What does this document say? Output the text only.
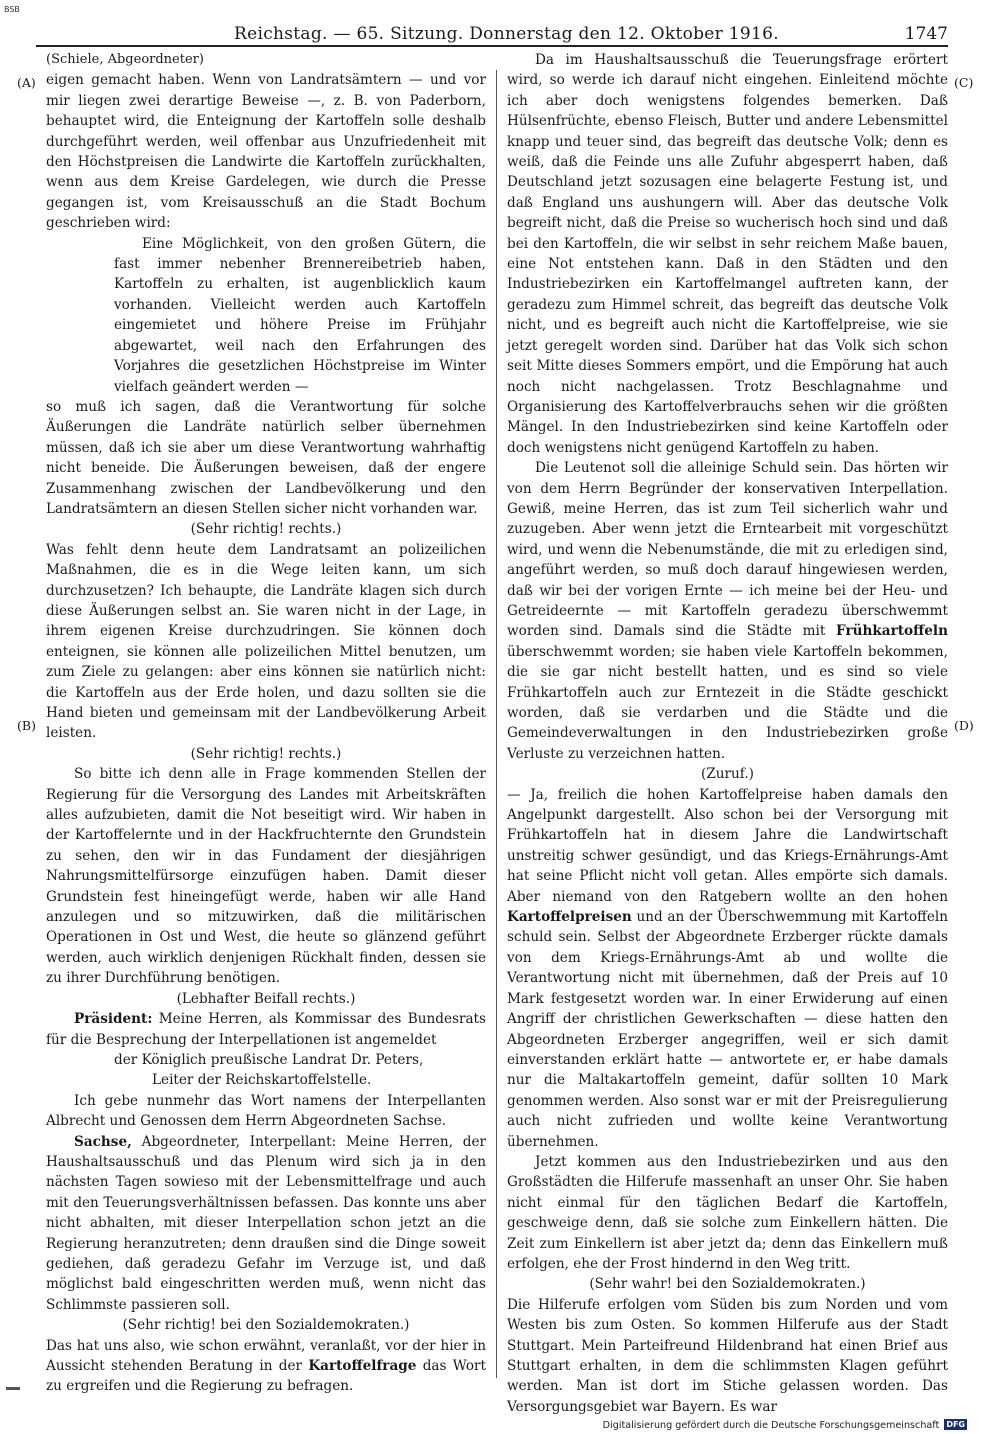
BSB
Reichstag. — 65. Sitzung. Donnerstag den 12. Oktober 1916.	1747
(A)
(B)
(C)
(D)

(Schiele, Abgeordneter)

eigen gemacht haben. Wenn von Landratsämtern — und vor mir liegen zwei derartige Beweise —, z. B. von Paderborn, behauptet wird, die Enteignung der Kartoffeln solle deshalb durchgeführt werden, weil offenbar aus Unzufriedenheit mit den Höchstpreisen die Landwirte die Kartoffeln zurückhalten, wenn aus dem Kreise Gardelegen, wie durch die Presse gegangen ist, vom Kreisausschuß an die Stadt Bochum geschrieben wird:

Eine Möglichkeit, von den großen Gütern, die fast immer nebenher Brennereibetrieb haben, Kartoffeln zu erhalten, ist augenblicklich kaum vorhanden. Vielleicht werden auch Kartoffeln eingemietet und höhere Preise im Frühjahr abgewartet, weil nach den Erfahrungen des Vorjahres die gesetzlichen Höchstpreise im Winter vielfach geändert werden —

so muß ich sagen, daß die Verantwortung für solche Äußerungen die Landräte natürlich selber übernehmen müssen, daß ich sie aber um diese Verantwortung wahrhaftig nicht beneide. Die Äußerungen beweisen, daß der engere Zusammenhang zwischen der Landbevölkerung und den Landratsämtern an diesen Stellen sicher nicht vorhanden war.

(Sehr richtig! rechts.)

Was fehlt denn heute dem Landratsamt an polizeilichen Maßnahmen, die es in die Wege leiten kann, um sich durchzusetzen? Ich behaupte, die Landräte klagen sich durch diese Äußerungen selbst an. Sie waren nicht in der Lage, in ihrem eigenen Kreise durchzudringen. Sie können doch enteignen, sie können alle polizeilichen Mittel benutzen, um zum Ziele zu gelangen: aber eins können sie natürlich nicht: die Kartoffeln aus der Erde holen, und dazu sollten sie die Hand bieten und gemeinsam mit der Landbevölkerung Arbeit leisten.

(Sehr richtig! rechts.)

So bitte ich denn alle in Frage kommenden Stellen der Regierung für die Versorgung des Landes mit Arbeitskräften alles aufzubieten, damit die Not beseitigt wird. Wir haben in der Kartoffelernte und in der Hackfruchternte den Grundstein zu sehen, den wir in das Fundament der diesjährigen Nahrungsmittelfürsorge einzufügen haben. Damit dieser Grundstein fest hineingefügt werde, haben wir alle Hand anzulegen und so mitzuwirken, daß die militärischen Operationen in Ost und West, die heute so glänzend geführt werden, auch wirklich denjenigen Rückhalt finden, dessen sie zu ihrer Durchführung benötigen.

(Lebhafter Beifall rechts.)

Präsident: Meine Herren, als Kommissar des Bundesrats für die Besprechung der Interpellationen ist angemeldet

der Königlich preußische Landrat Dr. Peters,

Leiter der Reichskartoffelstelle.

Ich gebe nunmehr das Wort namens der Interpellanten Albrecht und Genossen dem Herrn Abgeordneten Sachse.

Sachse, Abgeordneter, Interpellant: Meine Herren, der Haushaltsausschuß und das Plenum wird sich ja in den nächsten Tagen sowieso mit der Lebensmittelfrage und auch mit den Teuerungsverhältnissen befassen. Das konnte uns aber nicht abhalten, mit dieser Interpellation schon jetzt an die Regierung heranzutreten; denn draußen sind die Dinge soweit gediehen, daß geradezu Gefahr im Verzuge ist, und daß möglichst bald eingeschritten werden muß, wenn nicht das Schlimmste passieren soll.

(Sehr richtig! bei den Sozialdemokraten.)

Das hat uns also, wie schon erwähnt, veranlaßt, vor der hier in Aussicht stehenden Beratung in der Kartoffelfrage das Wort zu ergreifen und die Regierung zu befragen.

Da im Haushaltsausschuß die Teuerungsfrage erörtert wird, so werde ich darauf nicht eingehen. Einleitend möchte ich aber doch wenigstens folgendes bemerken. Daß Hülsenfrüchte, ebenso Fleisch, Butter und andere Lebensmittel knapp und teuer sind, das begreift das deutsche Volk; denn es weiß, daß die Feinde uns alle Zufuhr abgesperrt haben, daß Deutschland jetzt sozusagen eine belagerte Festung ist, und daß England uns aushungern will. Aber das deutsche Volk begreift nicht, daß die Preise so wucherisch hoch sind und daß bei den Kartoffeln, die wir selbst in sehr reichem Maße bauen, eine Not entstehen kann. Daß in den Städten und den Industriebezirken ein Kartoffelmangel auftreten kann, der geradezu zum Himmel schreit, das begreift das deutsche Volk nicht, und es begreift auch nicht die Kartoffelpreise, wie sie jetzt geregelt worden sind. Darüber hat das Volk sich schon seit Mitte dieses Sommers empört, und die Empörung hat auch noch nicht nachgelassen. Trotz Beschlagnahme und Organisierung des Kartoffelverbrauchs sehen wir die größten Mängel. In den Industriebezirken sind keine Kartoffeln oder doch wenigstens nicht genügend Kartoffeln zu haben.

Die Leutenot soll die alleinige Schuld sein. Das hörten wir von dem Herrn Begründer der konservativen Interpellation. Gewiß, meine Herren, das ist zum Teil sicherlich wahr und zuzugeben. Aber wenn jetzt die Erntearbeit mit vorgeschützt wird, und wenn die Nebenumstände, die mit zu erledigen sind, angeführt werden, so muß doch darauf hingewiesen werden, daß wir bei der vorigen Ernte — ich meine bei der Heu- und Getreideernte — mit Kartoffeln geradezu überschwemmt worden sind. Damals sind die Städte mit Frühkartoffeln überschwemmt worden; sie haben viele Kartoffeln bekommen, die sie gar nicht bestellt hatten, und es sind so viele Frühkartoffeln auch zur Erntezeit in die Städte geschickt worden, daß sie verdarben und die Städte und die Gemeindeverwaltungen in den Industriebezirken große Verluste zu verzeichnen hatten.

(Zuruf.)

— Ja, freilich die hohen Kartoffelpreise haben damals den Angelpunkt dargestellt. Also schon bei der Versorgung mit Frühkartoffeln hat in diesem Jahre die Landwirtschaft unstreitig schwer gesündigt, und das Kriegs-Ernährungs-Amt hat seine Pflicht nicht voll getan. Alles empörte sich damals. Aber niemand von den Ratgebern wollte an den hohen Kartoffelpreisen und an der Überschwemmung mit Kartoffeln schuld sein. Selbst der Abgeordnete Erzberger rückte damals von dem Kriegs-Ernährungs-Amt ab und wollte die Verantwortung nicht mit übernehmen, daß der Preis auf 10 Mark festgesetzt worden war. In einer Erwiderung auf einen Angriff der christlichen Gewerkschaften — diese hatten den Abgeordneten Erzberger angegriffen, weil er sich damit einverstanden erklärt hatte — antwortete er, er habe damals nur die Maltakartoffeln gemeint, dafür sollten 10 Mark genommen werden. Also sonst war er mit der Preisregulierung auch nicht zufrieden und wollte keine Verantwortung übernehmen.

Jetzt kommen aus den Industriebezirken und aus den Großstädten die Hilferufe massenhaft an unser Ohr. Sie haben nicht einmal für den täglichen Bedarf die Kartoffeln, geschweige denn, daß sie solche zum Einkellern hätten. Die Zeit zum Einkellern ist aber jetzt da; denn das Einkellern muß erfolgen, ehe der Frost hindernd in den Weg tritt.

(Sehr wahr! bei den Sozialdemokraten.)

Die Hilferufe erfolgen vom Süden bis zum Norden und vom Westen bis zum Osten. So kommen Hilferufe aus der Stadt Stuttgart. Mein Parteifreund Hildenbrand hat einen Brief aus Stuttgart erhalten, in dem die schlimmsten Klagen geführt werden. Man ist dort im Stiche gelassen worden. Das Versorgungsgebiet war Bayern. Es war

Digitalisierung gefördert durch die Deutsche Forschungsgemeinschaft DFG
